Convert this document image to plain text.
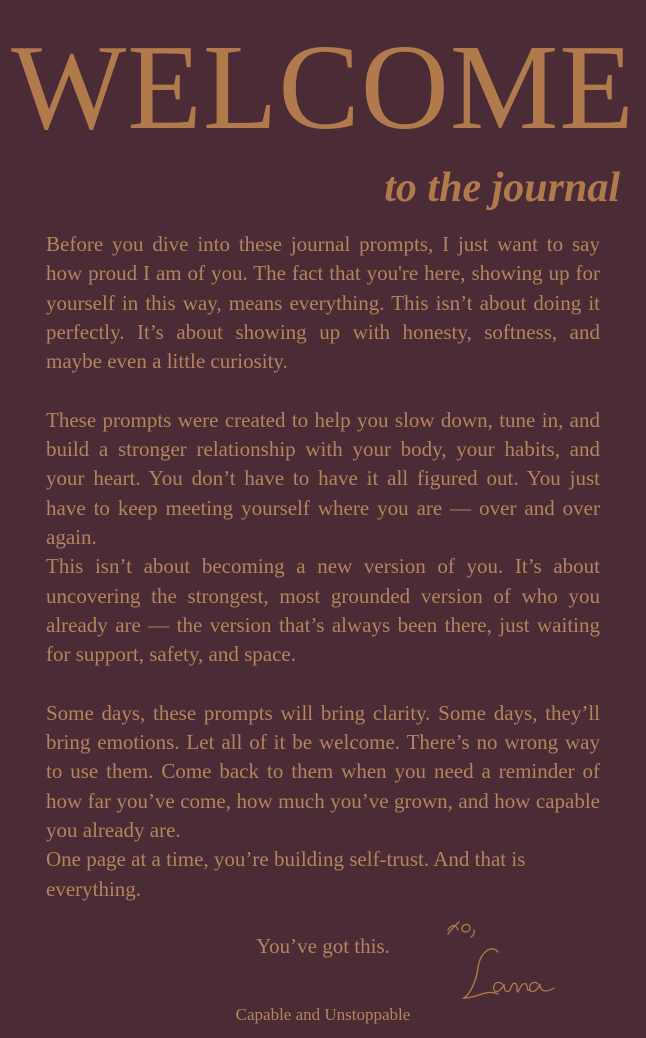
WELCOME
to the journal

Before you dive into these journal prompts, I just want to say how proud I am of you. The fact that you're here, showing up for yourself in this way, means everything. This isn’t about doing it perfectly. It’s about showing up with honesty, softness, and maybe even a little curiosity.

These prompts were created to help you slow down, tune in, and build a stronger relationship with your body, your habits, and your heart. You don’t have to have it all figured out. You just have to keep meeting yourself where you are — over and over again.

This isn’t about becoming a new version of you. It’s about uncovering the strongest, most grounded version of who you already are — the version that’s always been there, just waiting for support, safety, and space.

Some days, these prompts will bring clarity. Some days, they’ll bring emotions. Let all of it be welcome. There’s no wrong way to use them. Come back to them when you need a reminder of how far you’ve come, how much you’ve grown, and how capable you already are.

One page at a time, you’re building self-trust. And that is everything.

You’ve got this.
Capable and Unstoppable
